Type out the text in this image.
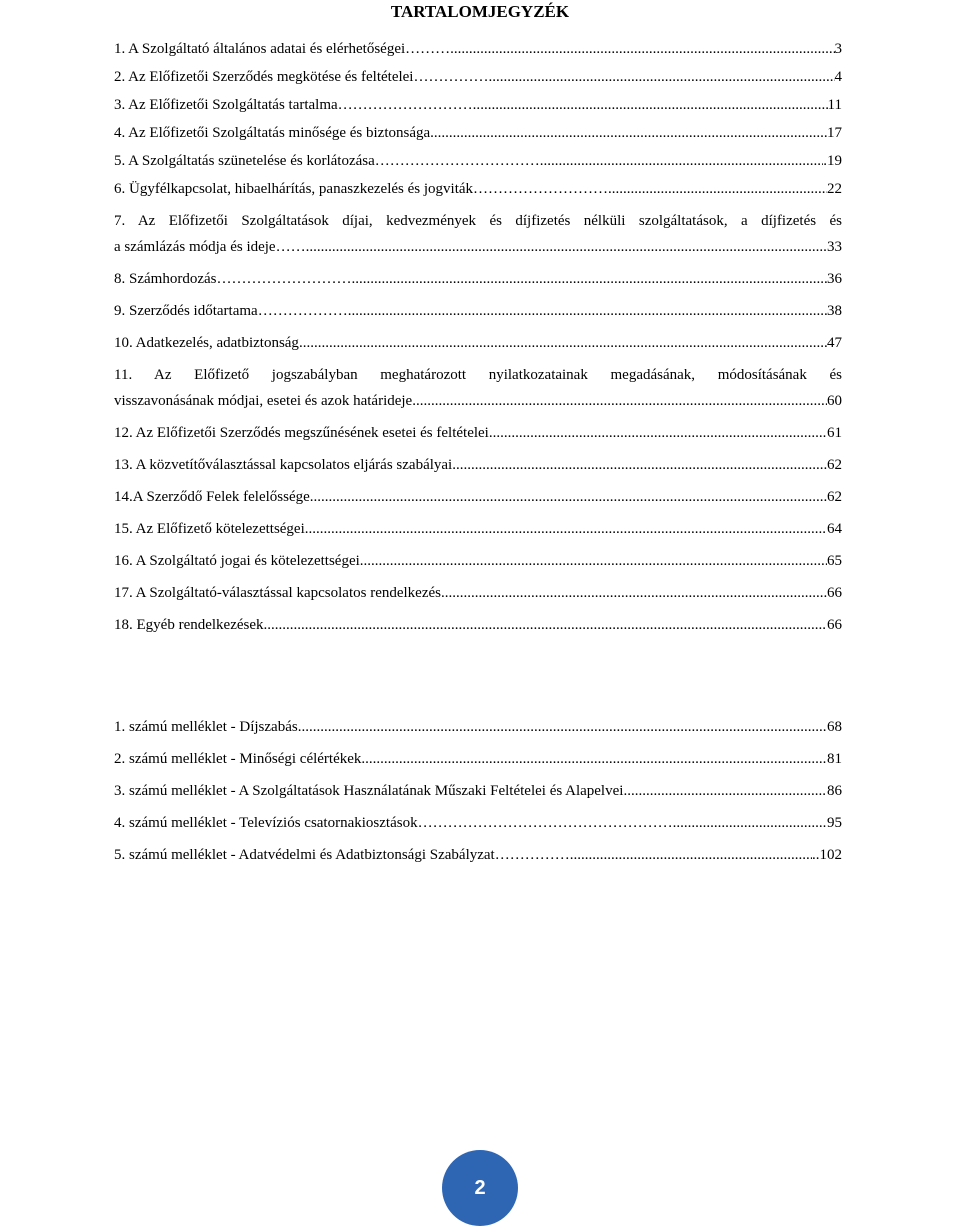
TARTALOMJEGYZÉK
1. A Szolgáltató általános adatai és elérhetőségei……… .....	3
2. Az Előfizetői Szerződés megkötése és feltételei…………… .....	4
3. Az Előfizetői Szolgáltatás tartalma……………………….. .....	11
4. Az Előfizetői Szolgáltatás minősége és biztonsága .....	17
5. A Szolgáltatás szünetelése és korlátozása……………………………. .....	.19
6. Ügyfélkapcsolat, hibaelhárítás, panaszkezelés és jogviták……………………… .....	22
7. Az Előfizetői Szolgáltatások díjai, kedvezmények és díjfizetés nélküli szolgáltatások, a díjfizetés és
a számlázás módja és ideje……. .....	33
8. Számhordozás……………………… .....	36
9. Szerződés időtartama……………… .....	38
10. Adatkezelés, adatbiztonság .....	47
11. Az Előfizető jogszabályban meghatározott nyilatkozatainak megadásának, módosításának és
visszavonásának módjai, esetei és azok határideje .....	60
12. Az Előfizetői Szerződés megszűnésének esetei és feltételei. .....	61
13. A közvetítőválasztással kapcsolatos eljárás szabályai .....	62
14.A Szerződő Felek felelőssége .....	62
15. Az Előfizető kötelezettségei .....	64
16. A Szolgáltató jogai és kötelezettségei .....	65
17. A Szolgáltató-választással kapcsolatos rendelkezés .....	66
18. Egyéb rendelkezések .....	66
1. számú melléklet - Díjszabás .....	68
2. számú melléklet - Minőségi célértékek .....	81
3. számú melléklet - A Szolgáltatások Használatának Műszaki Feltételei és Alapelvei .....	86
4. számú melléklet - Televíziós csatornakiosztások…………………………………………….. .....	95
5. számú melléklet - Adatvédelmi és Adatbiztonsági Szabályzat…………… .....	..102
2
